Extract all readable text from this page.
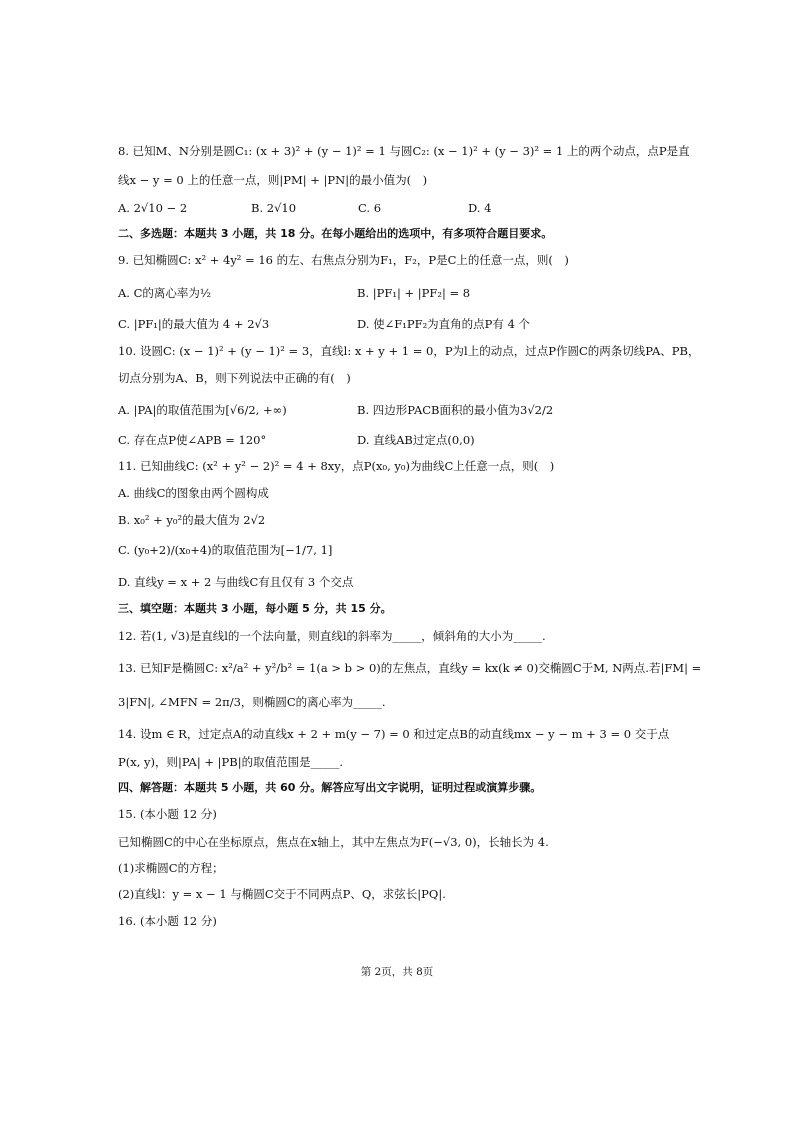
8. 已知M、N分别是圆C₁: (x + 3)² + (y − 1)² = 1 与圆C₂: (x − 1)² + (y − 3)² = 1 上的两个动点，点P是直
线x − y = 0 上的任意一点，则|PM| + |PN|的最小值为(　)
A. 2√10 − 2	B. 2√10	C. 6	D. 4
二、多选题：本题共 3 小题，共 18 分。在每小题给出的选项中，有多项符合题目要求。
9. 已知椭圆C: x² + 4y² = 16 的左、右焦点分别为F₁，F₂，P是C上的任意一点，则(　)
A. C的离心率为½	B. |PF₁| + |PF₂| = 8
C. |PF₁|的最大值为 4 + 2√3	D. 使∠F₁PF₂为直角的点P有 4 个
10. 设圆C: (x − 1)² + (y − 1)² = 3，直线l: x + y + 1 = 0，P为l上的动点，过点P作圆C的两条切线PA、PB，
切点分别为A、B，则下列说法中正确的有(　)
A. |PA|的取值范围为[√6/2, +∞)	B. 四边形PACB面积的最小值为3√2/2
C. 存在点P使∠APB = 120°	D. 直线AB过定点(0,0)
11. 已知曲线C: (x² + y² − 2)² = 4 + 8xy，点P(x₀, y₀)为曲线C上任意一点，则(　)
A. 曲线C的图象由两个圆构成
B. x₀² + y₀²的最大值为 2√2
C. (y₀+2)/(x₀+4)的取值范围为[−1/7, 1]
D. 直线y = x + 2 与曲线C有且仅有 3 个交点
三、填空题：本题共 3 小题，每小题 5 分，共 15 分。
12. 若(1, √3)是直线l的一个法向量，则直线l的斜率为_____，倾斜角的大小为_____.
13. 已知F是椭圆C: x²/a² + y²/b² = 1(a > b > 0)的左焦点，直线y = kx(k ≠ 0)交椭圆C于M, N两点.若|FM| =
3|FN|, ∠MFN = 2π/3，则椭圆C的离心率为_____.
14. 设m ∈ R，过定点A的动直线x + 2 + m(y − 7) = 0 和过定点B的动直线mx − y − m + 3 = 0 交于点
P(x, y)，则|PA| + |PB|的取值范围是_____.
四、解答题：本题共 5 小题，共 60 分。解答应写出文字说明，证明过程或演算步骤。
15. (本小题 12 分)
已知椭圆C的中心在坐标原点，焦点在x轴上，其中左焦点为F(−√3, 0)，长轴长为 4.
(1)求椭圆C的方程；
(2)直线l：y = x − 1 与椭圆C交于不同两点P、Q，求弦长|PQ|.
16. (本小题 12 分)
第 2页，共 8页
